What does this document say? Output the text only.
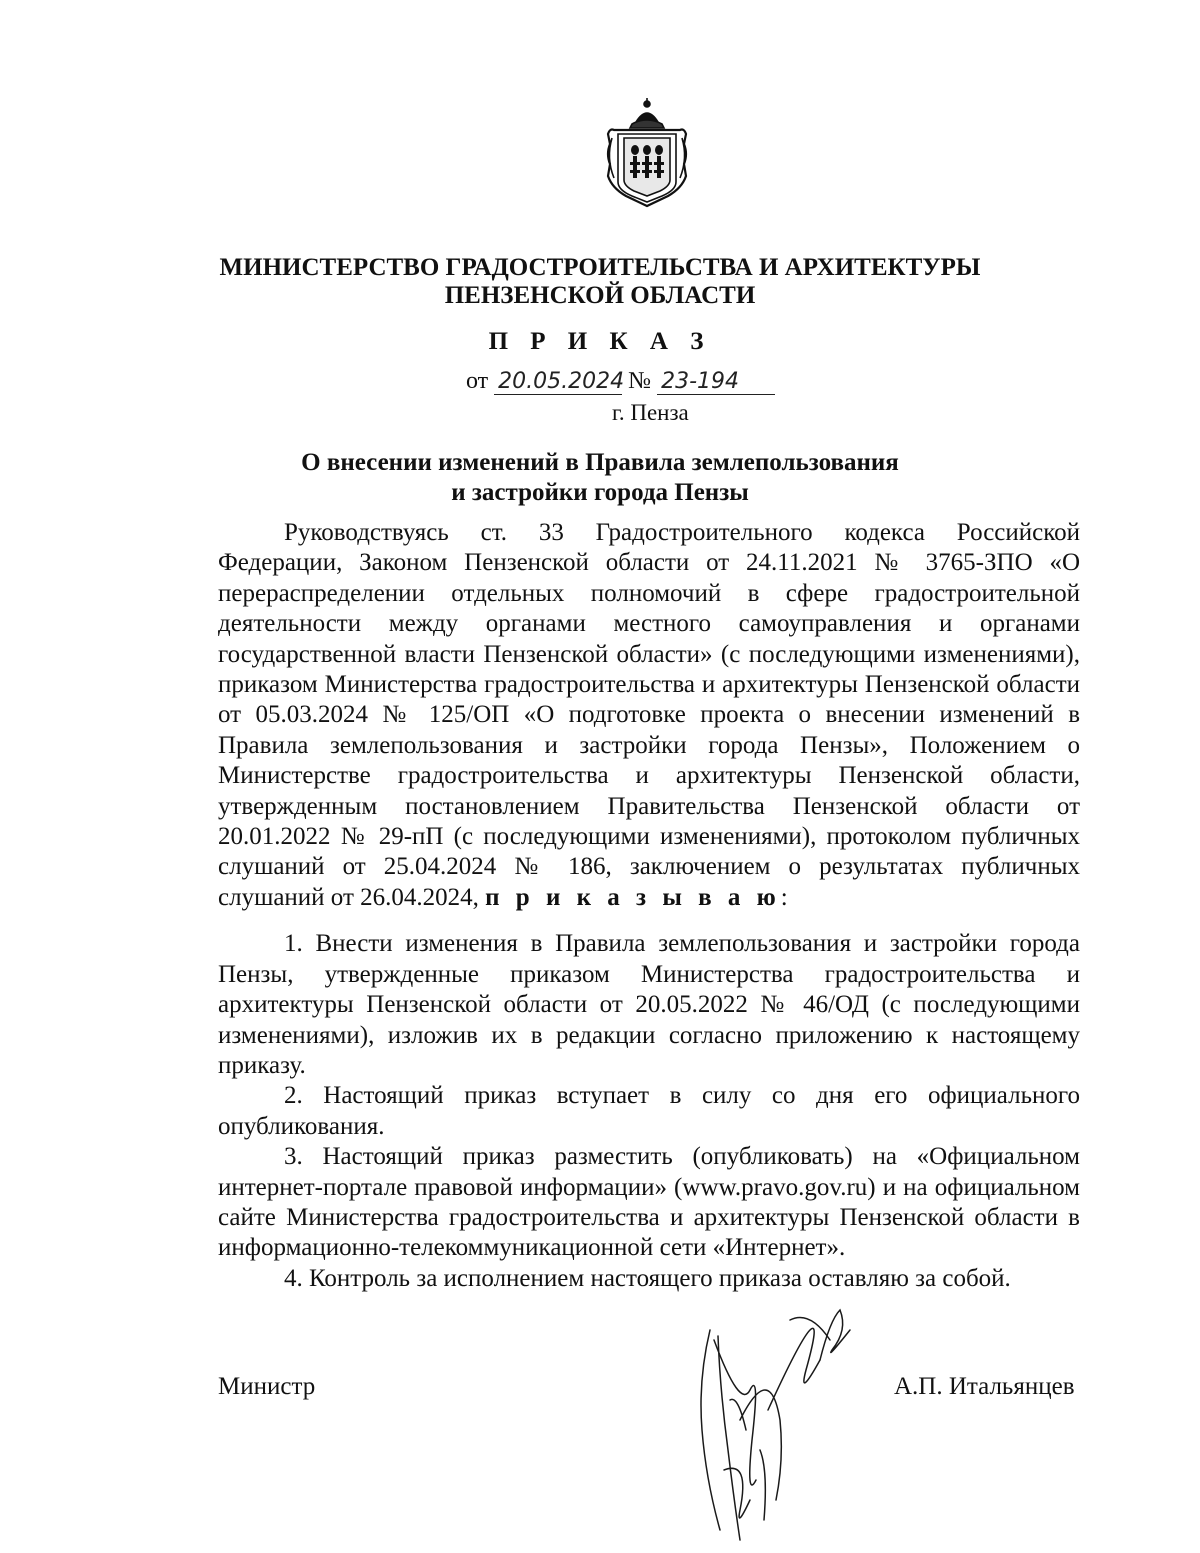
МИНИСТЕРСТВО ГРАДОСТРОИТЕЛЬСТВА И АРХИТЕКТУРЫ
ПЕНЗЕНСКОЙ ОБЛАСТИ
П Р И К А З
от 20.05.2024 № 23-194
г. Пенза
О внесении изменений в Правила землепользования
и застройки города Пензы

Руководствуясь ст. 33 Градостроительного кодекса Российской Федерации, Законом Пензенской области от 24.11.2021 № 3765-ЗПО «О перераспределении отдельных полномочий в сфере градостроительной деятельности между органами местного самоуправления и органами государственной власти Пензенской области» (с последующими изменениями), приказом Министерства градостроительства и архитектуры Пензенской области от 05.03.2024 № 125/ОП «О подготовке проекта о внесении изменений в Правила землепользования и застройки города Пензы», Положением о Министерстве градостроительства и архитектуры Пензенской области, утвержденным постановлением Правительства Пензенской области от 20.01.2022 № 29-пП (с последующими изменениями), протоколом публичных слушаний от 25.04.2024 № 186, заключением о результатах публичных слушаний от 26.04.2024, п р и к а з ы в а ю:

1. Внести изменения в Правила землепользования и застройки города Пензы, утвержденные приказом Министерства градостроительства и архитектуры Пензенской области от 20.05.2022 № 46/ОД (с последующими изменениями), изложив их в редакции согласно приложению к настоящему приказу.

2. Настоящий приказ вступает в силу со дня его официального опубликования.

3. Настоящий приказ разместить (опубликовать) на «Официальном интернет-портале правовой информации» (www.pravo.gov.ru) и на официальном сайте Министерства градостроительства и архитектуры Пензенской области в информационно-телекоммуникационной сети «Интернет».

4. Контроль за исполнением настоящего приказа оставляю за собой.

Министр	А.П. Итальянцев
